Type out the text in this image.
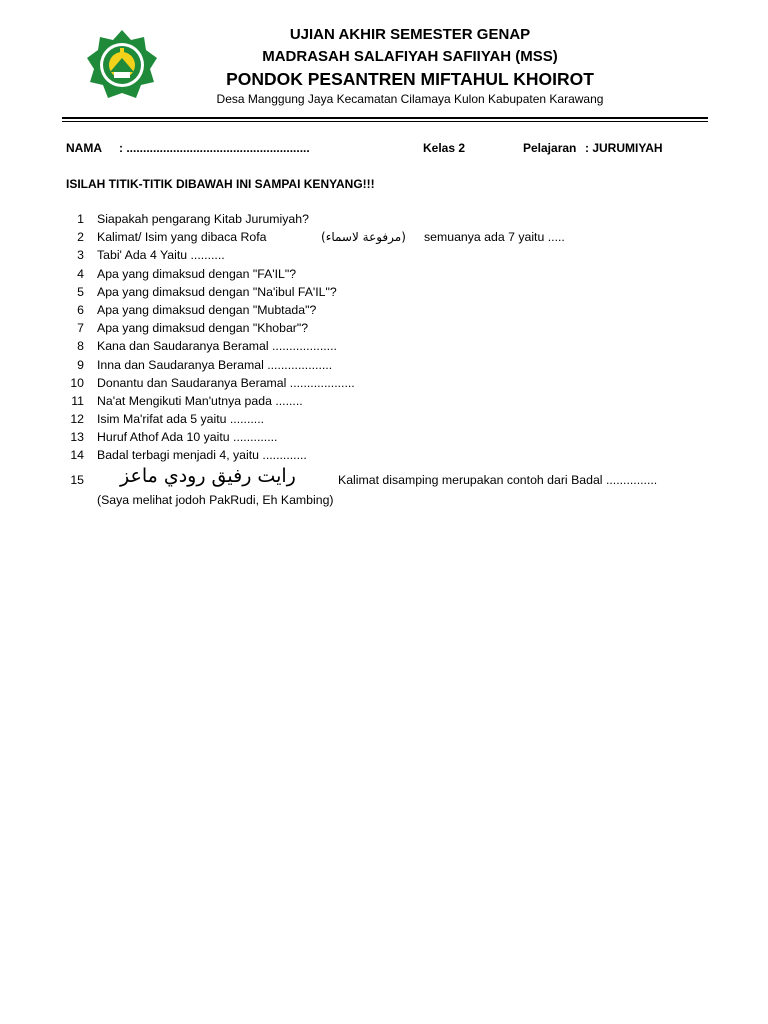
UJIAN AKHIR SEMESTER GENAP
MADRASAH SALAFIYAH SAFIIYAH (MSS)
PONDOK PESANTREN MIFTAHUL KHOIROT
Desa Manggung Jaya Kecamatan Cilamaya Kulon Kabupaten Karawang
NAMA : .......................................................	Kelas 2	Pelajaran : JURUMIYAH
ISILAH TITIK-TITIK DIBAWAH INI SAMPAI KENYANG!!!
1 Siapakah pengarang Kitab Jurumiyah?
2 Kalimat/ Isim yang dibaca Rofa	(مرفوعة لاسماء) semuanya ada 7 yaitu .....
3 Tabi' Ada 4 Yaitu ..........
4 Apa yang dimaksud dengan "FA'IL"?
5 Apa yang dimaksud dengan "Na'ibul FA'IL"?
6 Apa yang dimaksud dengan "Mubtada"?
7 Apa yang dimaksud dengan "Khobar"?
8 Kana dan Saudaranya Beramal ...................
9 Inna dan Saudaranya Beramal ...................
10 Donantu dan Saudaranya Beramal ...................
11 Na'at Mengikuti Man'utnya pada ........
12 Isim Ma'rifat ada 5 yaitu ..........
13 Huruf Athof Ada 10 yaitu .............
14 Badal terbagi menjadi 4, yaitu .............
15 رايت رفيق رودي ماعز	Kalimat disamping merupakan contoh dari Badal ...............
(Saya melihat jodoh PakRudi, Eh Kambing)
